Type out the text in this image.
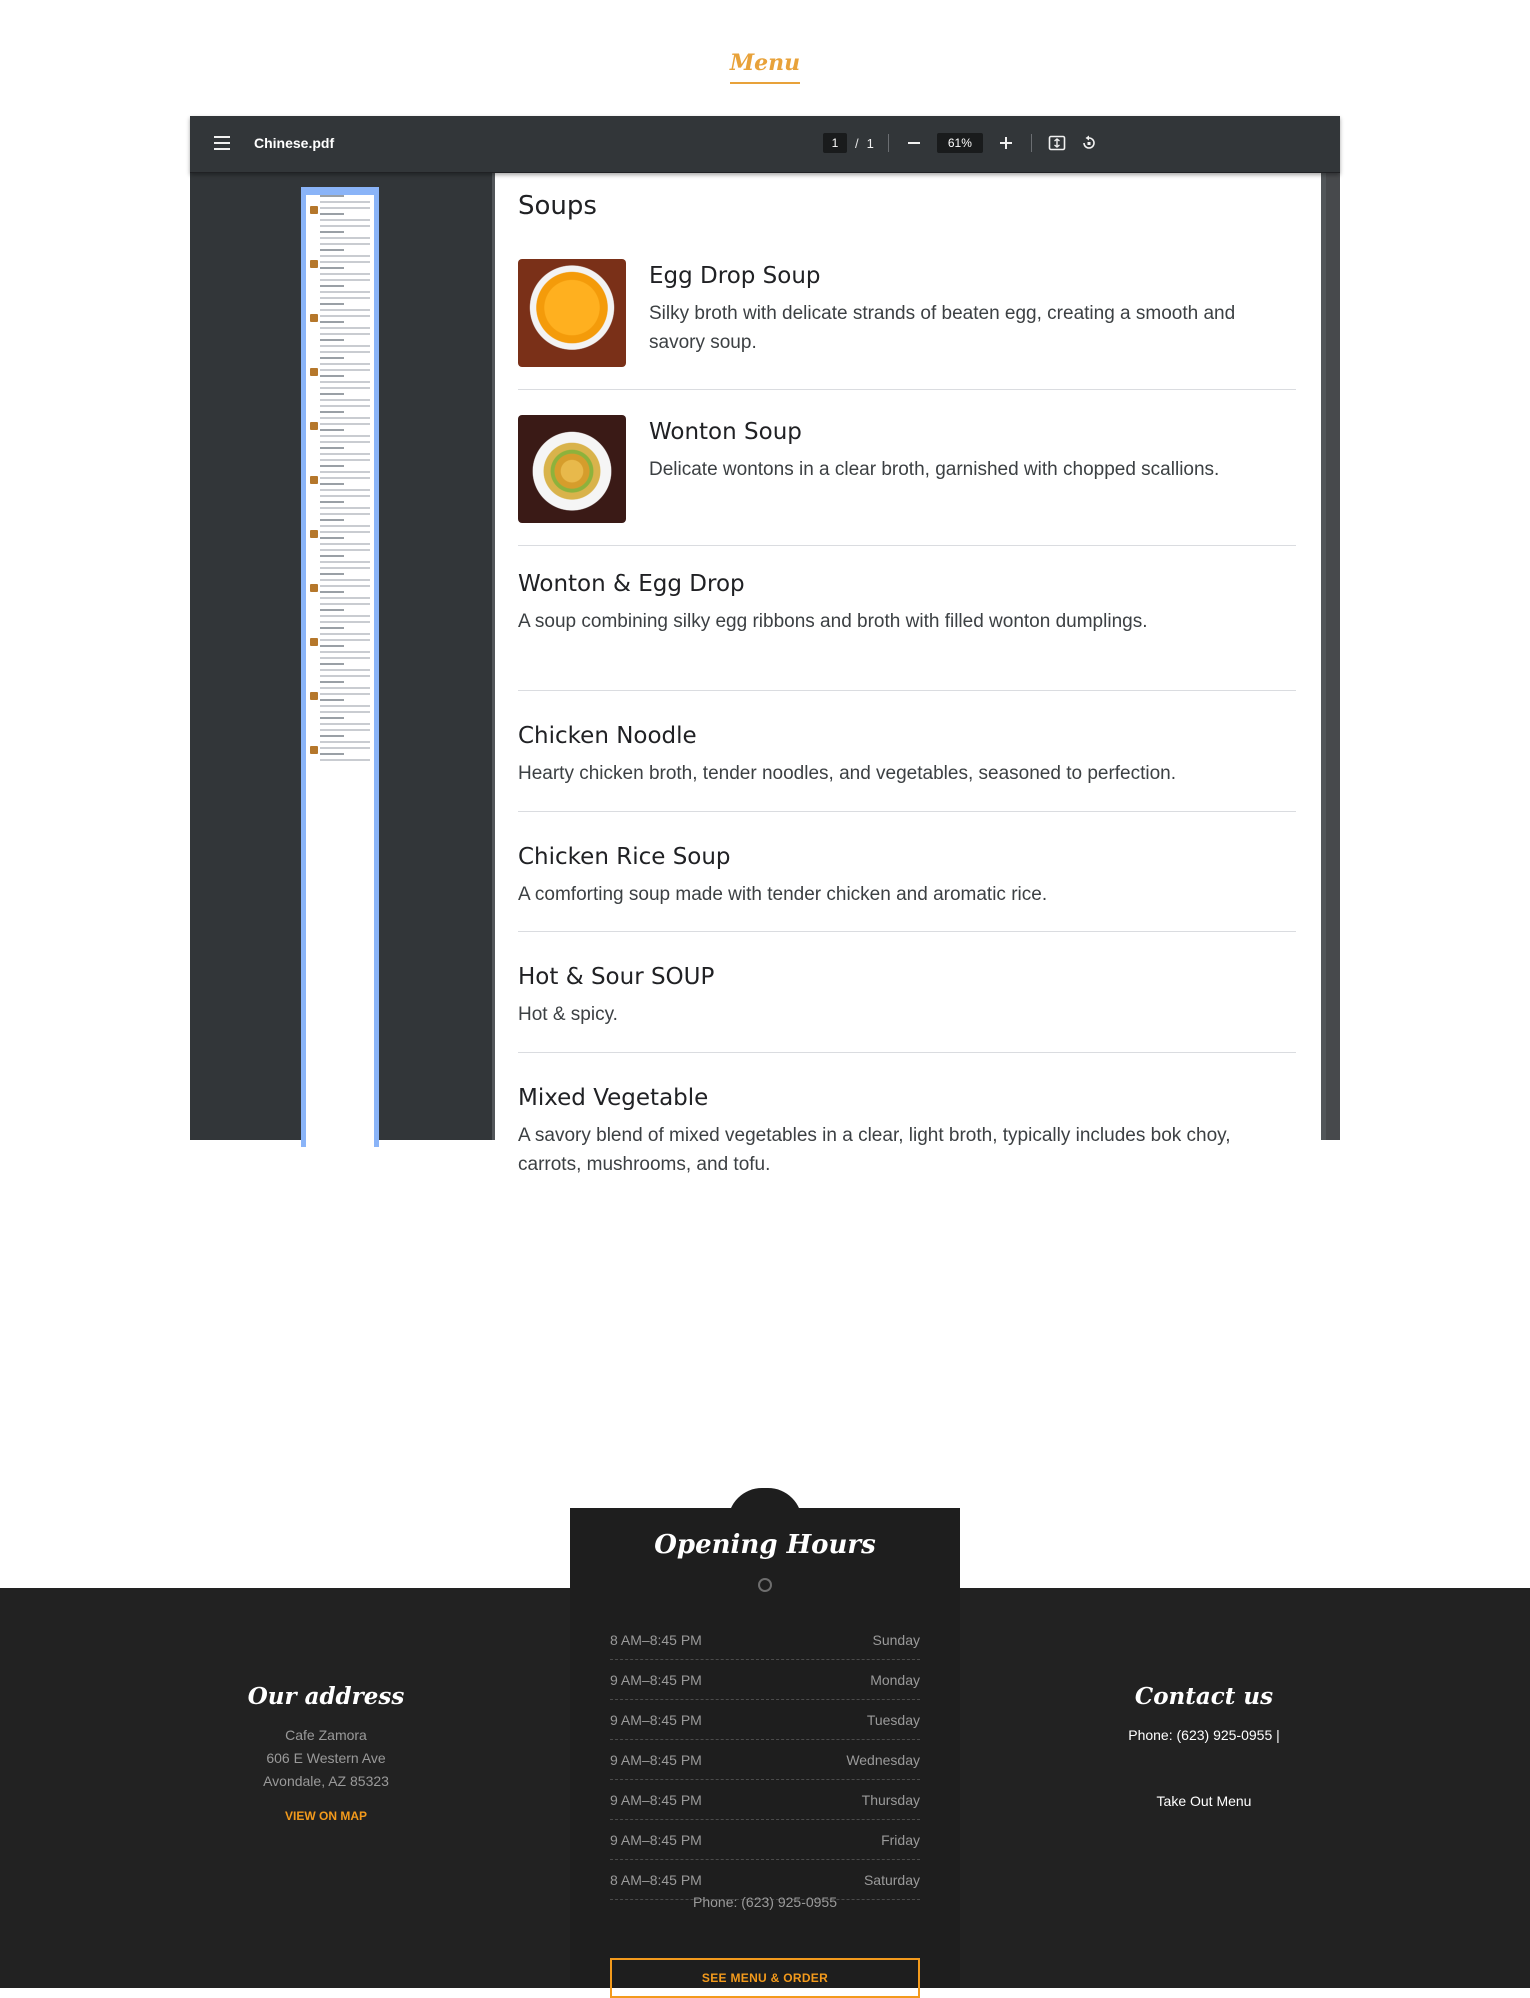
Menu
Chinese.pdf	1	/ 1	61%
Soups
Egg Drop Soup
Silky broth with delicate strands of beaten egg, creating a smooth and savory soup.
Wonton Soup
Delicate wontons in a clear broth, garnished with chopped scallions.
Wonton & Egg Drop
A soup combining silky egg ribbons and broth with filled wonton dumplings.
Chicken Noodle
Hearty chicken broth, tender noodles, and vegetables, seasoned to perfection.
Chicken Rice Soup
A comforting soup made with tender chicken and aromatic rice.
Hot & Sour SOUP
Hot & spicy.
Mixed Vegetable
A savory blend of mixed vegetables in a clear, light broth, typically includes bok choy, carrots, mushrooms, and tofu.
Our address
Cafe Zamora
606 E Western Ave
Avondale, AZ 85323
VIEW ON MAP
Contact us
Phone: (623) 925-0955 |
Take Out Menu
Opening Hours
8 AM–8:45 PM	Sunday
9 AM–8:45 PM	Monday
9 AM–8:45 PM	Tuesday
9 AM–8:45 PM	Wednesday
9 AM–8:45 PM	Thursday
9 AM–8:45 PM	Friday
8 AM–8:45 PM	Saturday
Phone: (623) 925-0955
SEE MENU & ORDER
